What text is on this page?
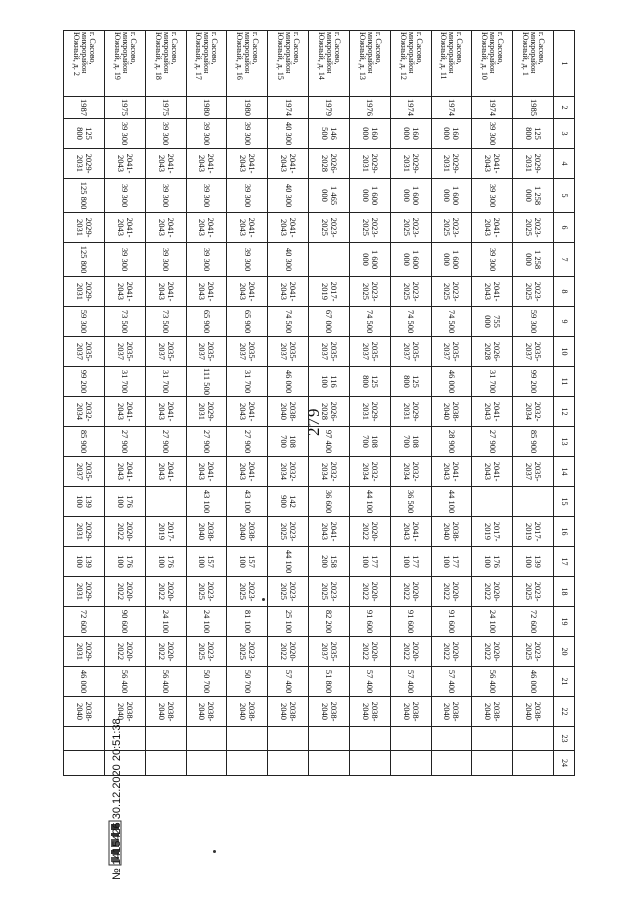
279
1	2	3	4	5	6	7	8	9	10	11	12	13	14	15	16	17	18	19	20	21	22	23	24
г. Сасово, микрорайон Южный, д. 1	1985	125 800	2029-2031	1 258 000	2023-2025	1 258 000	2023-2025	59 300	2035-2037	99 200	2032-2034	85 900	2035-2037		2017-2019	139 100	2023-2025	72 600	2023-2025	46 000	2038-2040		
г. Сасово, микрорайон Южный, д. 10	1974	39 300	2041-2043	39 300	2041-2043	39 300	2041-2043	755 000	2026-2028	31 700	2041-2043	27 900	2041-2043		2017-2019	176 100	2020-2022	24 100	2020-2022	56 400	2038-2040		
г. Сасово, микрорайон Южный, д. 11	1974	160 000	2029-2031	1 600 000	2023-2025	1 600 000	2023-2025	74 500	2035-2037	46 000	2038-2040	28 900	2041-2043	44 100	2038-2040	177 100	2020-2022	91 600	2020-2022	57 400	2038-2040		
г. Сасово, микрорайон Южный, д. 12	1974	160 000	2029-2031	1 600 000	2023-2025	1 600 000	2023-2025	74 500	2035-2037	125 800	2029-2031	108 700	2032-2034	36 500	2041-2043	177 100	2020-2022	91 600	2020-2022	57 400	2038-2040		
г. Сасово, микрорайон Южный, д. 13	1976	160 000	2029-2031	1 600 000	2023-2025	1 600 000	2023-2025	74 500	2035-2037	125 800	2029-2031	108 700	2032-2034	44 100	2020-2022	177 100	2020-2022	91 600	2020-2022	57 400	2038-2040		
г. Сасово, микрорайон Южный, д. 14	1979	146 500	2026-2028	1 465 000	2023-2025		2017-2019	67 000	2035-2037	116 100	2026-2028	97 400	2032-2034	36 600	2041-2043	158 200	2023-2025	82 200	2035-2037	51 800	2038-2040		
г. Сасово, микрорайон Южный, д. 15	1974	40 300	2041-2043	40 300	2041-2043	40 300	2041-2043	74 500	2035-2037	46 000	2038-2040	108 700	2032-2034	142 900	2023-2025	44 100	2023-2025	25 100	2020-2022	57 400	2038-2040		
г. Сасово, микрорайон Южный, д. 16	1980	39 300	2041-2043	39 300	2041-2043	39 300	2041-2043	65 900	2035-2037	31 700	2041-2043	27 900	2041-2043	43 100	2038-2040	157 100	2023-2025	81 100	2023-2025	50 700	2038-2040		
г. Сасово, микрорайон Южный, д. 17	1980	39 300	2041-2043	39 300	2041-2043	39 300	2041-2043	65 900	2035-2037	111 500	2029-2031	27 900	2041-2043	43 100	2038-2040	157 100	2023-2025	24 100	2023-2025	50 700	2038-2040		
г. Сасово, микрорайон Южный, д. 18	1975	39 300	2041-2043	39 300	2041-2043	39 300	2041-2043	73 500	2035-2037	31 700	2041-2043	27 900	2041-2043		2017-2019	176 100	2020-2022	24 100	2020-2022	56 400	2038-2040		
г. Сасово, микрорайон Южный, д. 19	1975	39 300	2041-2043	39 300	2041-2043	39 300	2041-2043	73 500	2035-2037	31 700	2041-2043	27 900	2041-2043	176 100	2020-2022	176 100	2020-2022	90 600	2020-2022	56 400	2038-2040		
г. Сасово, микрорайон Южный, д. 2	1987	125 800	2029-2031	125 800	2029-2031	125 800	2029-2031	59 300	2035-2037	99 200	2032-2034	85 900	2035-2037	139 100	2029-2031	139 100	2029-2031	72 600	2029-2031	46 000	2038-2040		
№ 1415426 30.12.2020 20:51:38
